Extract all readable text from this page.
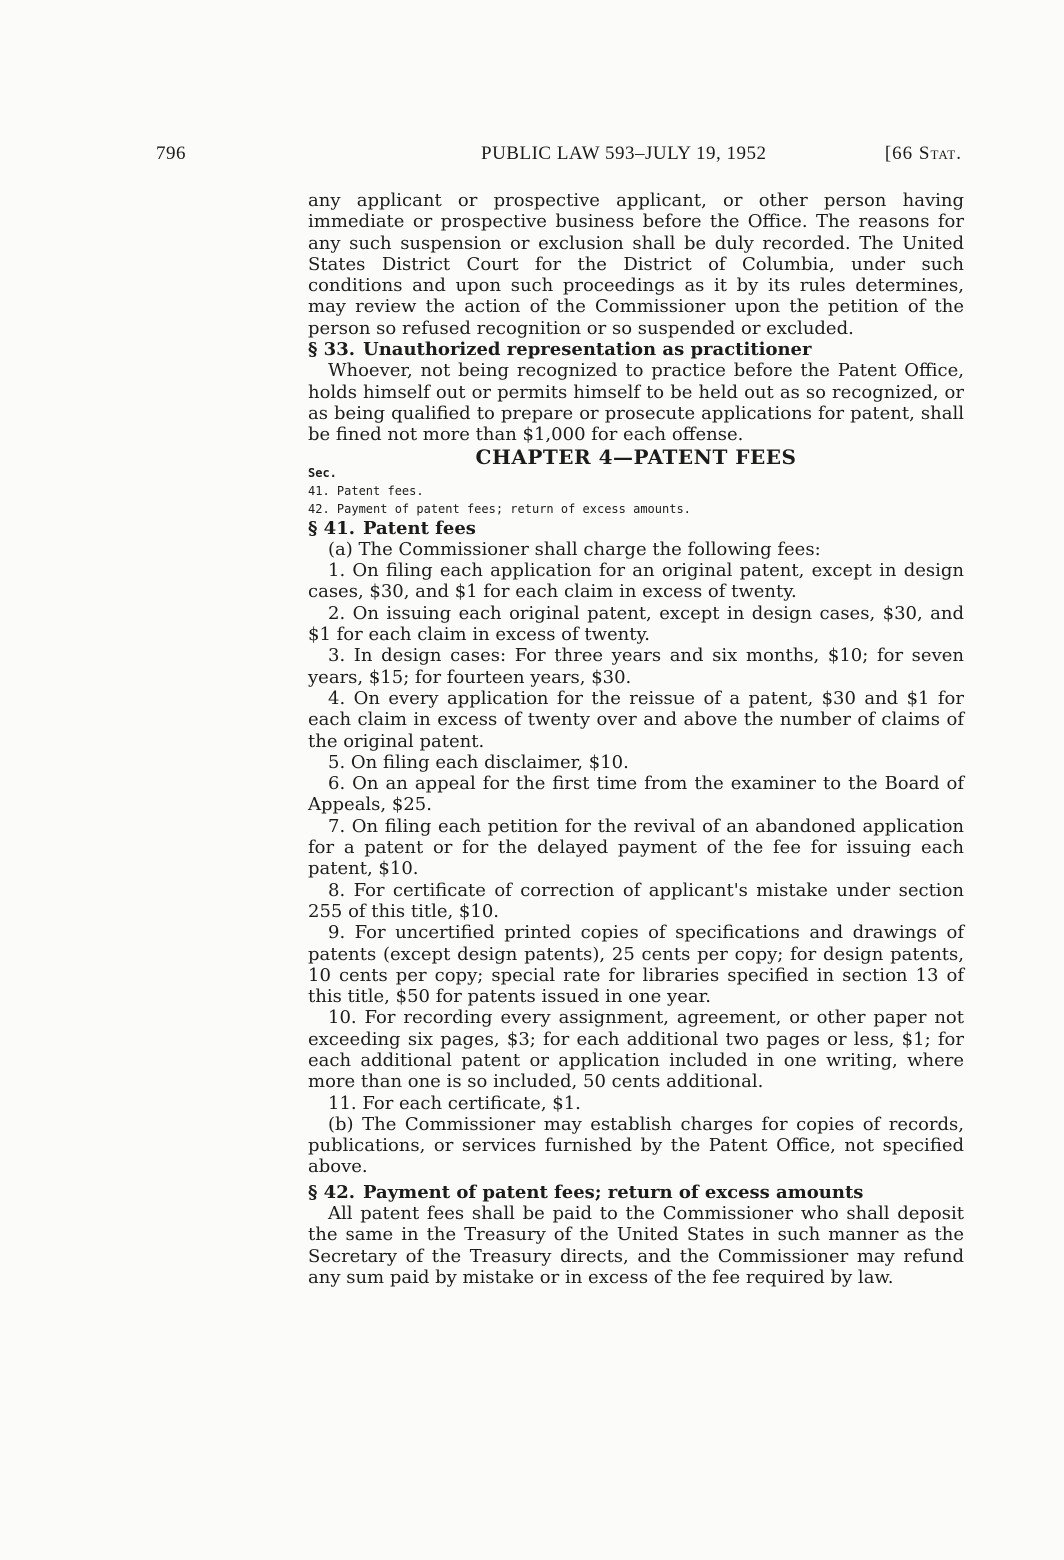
796	PUBLIC LAW 593–JULY 19, 1952	[66 Stat.

any applicant or prospective applicant, or other person having immediate or prospective business before the Office. The reasons for any such suspension or exclusion shall be duly recorded. The United States District Court for the District of Columbia, under such conditions and upon such proceedings as it by its rules determines, may review the action of the Commissioner upon the petition of the person so refused recognition or so suspended or excluded.

§ 33. Unauthorized representation as practitioner

Whoever, not being recognized to practice before the Patent Office, holds himself out or permits himself to be held out as so recognized, or as being qualified to prepare or prosecute applications for patent, shall be fined not more than $1,000 for each offense.

CHAPTER 4—PATENT FEES

Sec.
41. Patent fees.
42. Payment of patent fees; return of excess amounts.

§ 41. Patent fees

(a) The Commissioner shall charge the following fees:

1. On filing each application for an original patent, except in design cases, $30, and $1 for each claim in excess of twenty.

2. On issuing each original patent, except in design cases, $30, and $1 for each claim in excess of twenty.

3. In design cases: For three years and six months, $10; for seven years, $15; for fourteen years, $30.

4. On every application for the reissue of a patent, $30 and $1 for each claim in excess of twenty over and above the number of claims of the original patent.

5. On filing each disclaimer, $10.

6. On an appeal for the first time from the examiner to the Board of Appeals, $25.

7. On filing each petition for the revival of an abandoned application for a patent or for the delayed payment of the fee for issuing each patent, $10.

8. For certificate of correction of applicant's mistake under section 255 of this title, $10.

9. For uncertified printed copies of specifications and drawings of patents (except design patents), 25 cents per copy; for design patents, 10 cents per copy; special rate for libraries specified in section 13 of this title, $50 for patents issued in one year.

10. For recording every assignment, agreement, or other paper not exceeding six pages, $3; for each additional two pages or less, $1; for each additional patent or application included in one writing, where more than one is so included, 50 cents additional.

11. For each certificate, $1.

(b) The Commissioner may establish charges for copies of records, publications, or services furnished by the Patent Office, not specified above.

§ 42. Payment of patent fees; return of excess amounts

All patent fees shall be paid to the Commissioner who shall deposit the same in the Treasury of the United States in such manner as the Secretary of the Treasury directs, and the Commissioner may refund any sum paid by mistake or in excess of the fee required by law.
